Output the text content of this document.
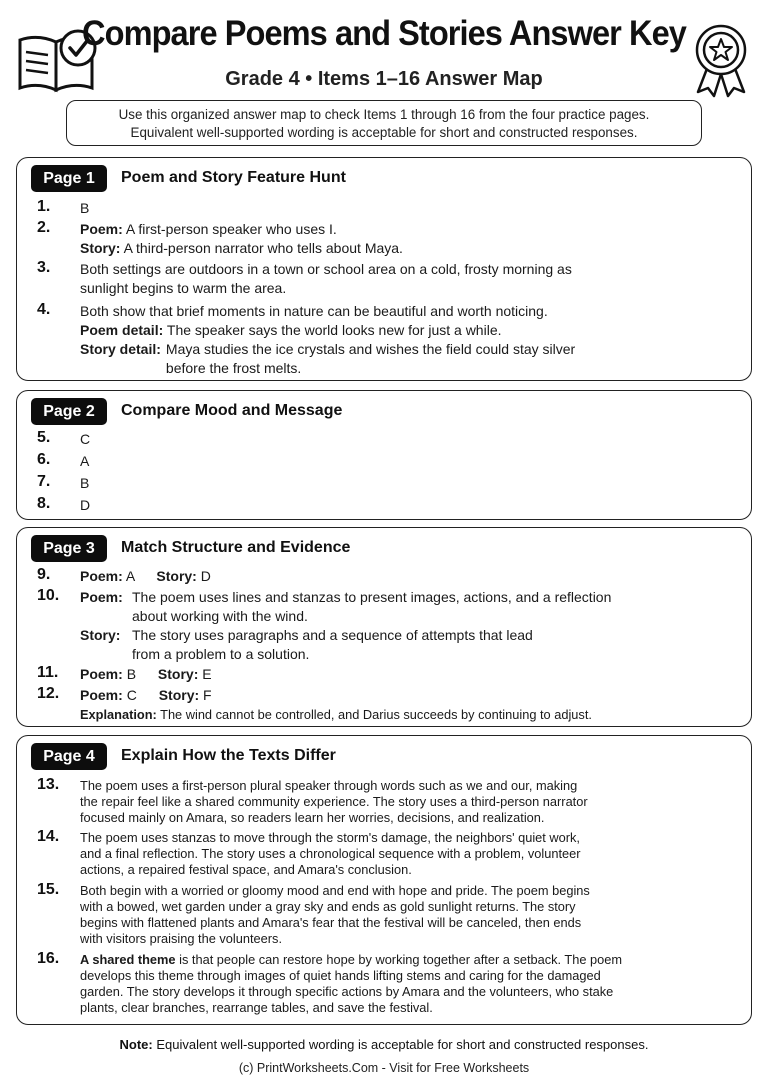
Compare Poems and Stories Answer Key
Grade 4 • Items 1–16 Answer Map
Use this organized answer map to check Items 1 through 16 from the four practice pages.
Equivalent well-supported wording is acceptable for short and constructed responses.
Page 1	Poem and Story Feature Hunt
1. B
2. Poem: A first-person speaker who uses I.
Story: A third-person narrator who tells about Maya.
3. Both settings are outdoors in a town or school area on a cold, frosty morning as
sunlight begins to warm the area.
4. Both show that brief moments in nature can be beautiful and worth noticing.
Poem detail: The speaker says the world looks new for just a while.
Story detail: Maya studies the ice crystals and wishes the field could stay silver
before the frost melts.
Page 2	Compare Mood and Message
5. C
6. A
7. B
8. D
Page 3	Match Structure and Evidence
9. Poem: A Story: D
10. Poem: The poem uses lines and stanzas to present images, actions, and a reflection
about working with the wind.
Story: The story uses paragraphs and a sequence of attempts that lead
from a problem to a solution.
11. Poem: B Story: E
12. Poem: C Story: F
Explanation: The wind cannot be controlled, and Darius succeeds by continuing to adjust.
Page 4	Explain How the Texts Differ
13. The poem uses a first-person plural speaker through words such as we and our, making
the repair feel like a shared community experience. The story uses a third-person narrator
focused mainly on Amara, so readers learn her worries, decisions, and realization.
14. The poem uses stanzas to move through the storm's damage, the neighbors' quiet work,
and a final reflection. The story uses a chronological sequence with a problem, volunteer
actions, a repaired festival space, and Amara's conclusion.
15. Both begin with a worried or gloomy mood and end with hope and pride. The poem begins
with a bowed, wet garden under a gray sky and ends as gold sunlight returns. The story
begins with flattened plants and Amara's fear that the festival will be canceled, then ends
with visitors praising the volunteers.
16. A shared theme is that people can restore hope by working together after a setback. The poem
develops this theme through images of quiet hands lifting stems and caring for the damaged
garden. The story develops it through specific actions by Amara and the volunteers, who stake
plants, clear branches, rearrange tables, and save the festival.
Note: Equivalent well-supported wording is acceptable for short and constructed responses.
(c) PrintWorksheets.Com - Visit for Free Worksheets
